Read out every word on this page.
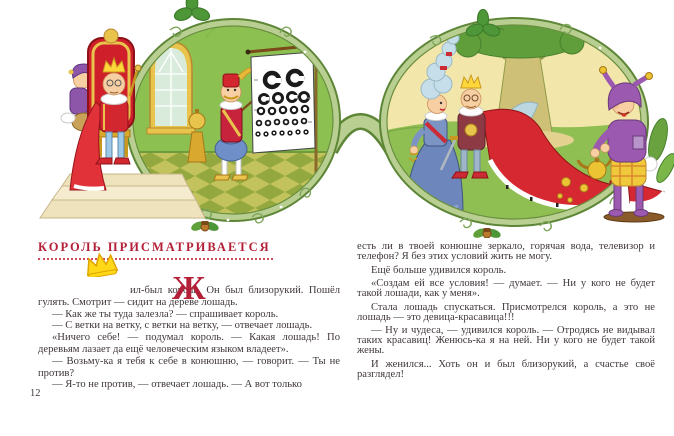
КОРОЛЬ ПРИСМАТРИВАЕТСЯ

Ж
ил-был король. Он был близорукий. Пошёл гулять. Смотрит — сидит на дереве лошадь.

— Как же ты туда залезла? — спрашивает король.

— С ветки на ветку, с ветки на ветку, — отвечает лошадь.

«Ничего себе! — подумал король. — Какая лошадь! По деревьям лазает да ещё человеческим языком владеет».

— Возьму-ка я тебя к себе в конюшню, — говорит. — Ты не против?

— Я-то не против, — отвечает лошадь. — А вот только

есть ли в твоей конюшне зеркало, горячая вода, телевизор и телефон? Я без этих условий жить не могу.

Ещё больше удивился король.

«Создам ей все условия! — думает. — Ни у кого не будет такой лошади, как у меня».

Стала лошадь спускаться. Присмотрелся король, а это не лошадь — это девица-красавица!!!

— Ну и чудеса, — удивился король. — Отродясь не видывал таких красавиц! Женюсь-ка я на ней. Ни у кого не будет такой жены.

И женился... Хоть он и был близорукий, а счастье своё разглядел!

12
